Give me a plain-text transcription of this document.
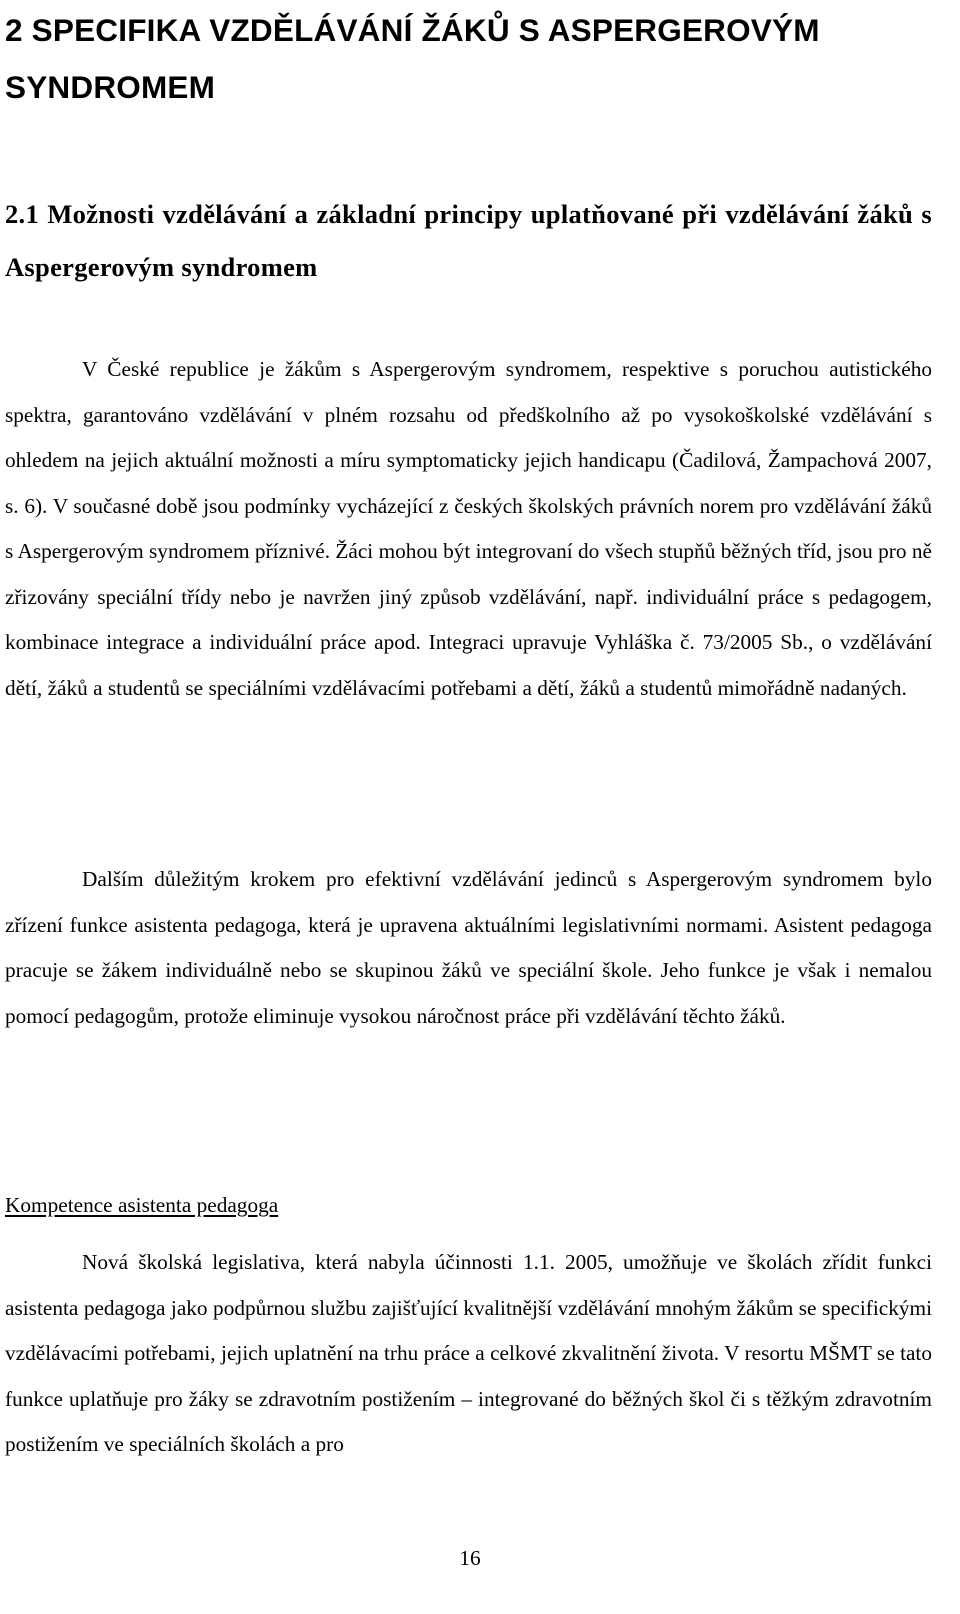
2 SPECIFIKA VZDĚLÁVÁNÍ ŽÁKŮ S ASPERGEROVÝM SYNDROMEM
2.1 Možnosti vzdělávání a základní principy uplatňované při vzdělávání žáků s Aspergerovým syndromem

V České republice je žákům s Aspergerovým syndromem, respektive s poruchou autistického spektra, garantováno vzdělávání v plném rozsahu od předškolního až po vysokoškolské vzdělávání s ohledem na jejich aktuální možnosti a míru symptomaticky jejich handicapu (Čadilová, Žampachová 2007, s. 6). V současné době jsou podmínky vycházející z českých školských právních norem pro vzdělávání žáků s Aspergerovým syndromem příznivé. Žáci mohou být integrovaní do všech stupňů běžných tříd, jsou pro ně zřizovány speciální třídy nebo je navržen jiný způsob vzdělávání, např. individuální práce s pedagogem, kombinace integrace a individuální práce apod. Integraci upravuje Vyhláška č. 73/2005 Sb., o vzdělávání dětí, žáků a studentů se speciálními vzdělávacími potřebami a dětí, žáků a studentů mimořádně nadaných.

Dalším důležitým krokem pro efektivní vzdělávání jedinců s Aspergerovým syndromem bylo zřízení funkce asistenta pedagoga, která je upravena aktuálními legislativními normami. Asistent pedagoga pracuje se žákem individuálně nebo se skupinou žáků ve speciální škole. Jeho funkce je však i nemalou pomocí pedagogům, protože eliminuje vysokou náročnost práce při vzdělávání těchto žáků.

Kompetence asistenta pedagoga

Nová školská legislativa, která nabyla účinnosti 1.1. 2005, umožňuje ve školách zřídit funkci asistenta pedagoga jako podpůrnou službu zajišťující kvalitnější vzdělávání mnohým žákům se specifickými vzdělávacími potřebami, jejich uplatnění na trhu práce a celkové zkvalitnění života. V resortu MŠMT se tato funkce uplatňuje pro žáky se zdravotním postižením – integrované do běžných škol či s těžkým zdravotním postižením ve speciálních školách a pro

16
